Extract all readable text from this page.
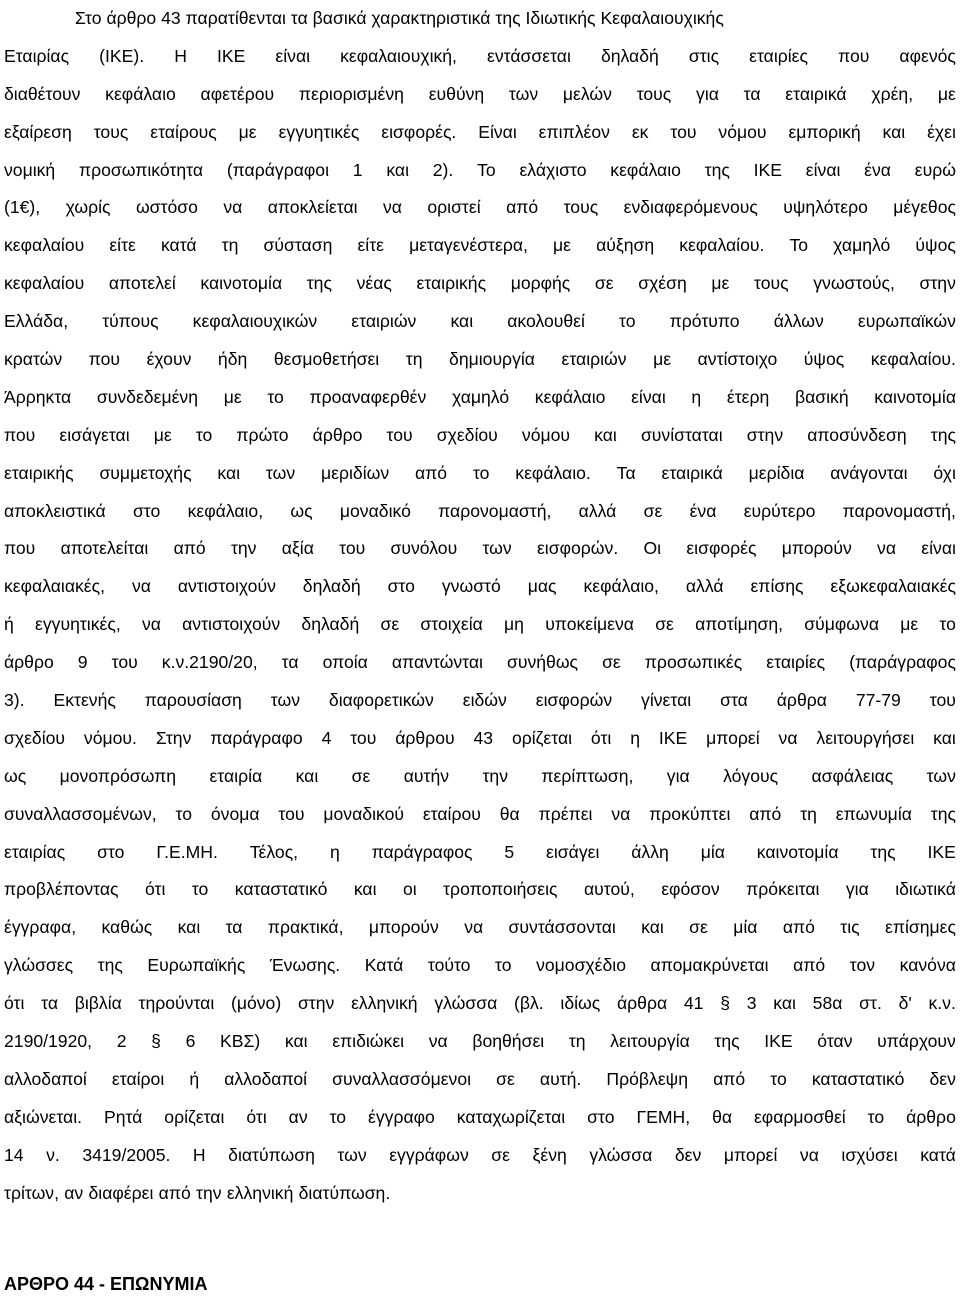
Στο άρθρο 43 παρατίθενται τα βασικά χαρακτηριστικά της Ιδιωτικής Κεφαλαιουχικής
Εταιρίας (ΙΚΕ). Η ΙΚΕ είναι κεφαλαιουχική, εντάσσεται δηλαδή στις εταιρίες που αφενός
διαθέτουν κεφάλαιο αφετέρου περιορισμένη ευθύνη των μελών τους για τα εταιρικά χρέη, με
εξαίρεση τους εταίρους με εγγυητικές εισφορές. Είναι επιπλέον εκ του νόμου εμπορική και έχει
νομική προσωπικότητα (παράγραφοι 1 και 2). Το ελάχιστο κεφάλαιο της ΙΚΕ είναι ένα ευρώ
(1€), χωρίς ωστόσο να αποκλείεται να οριστεί από τους ενδιαφερόμενους υψηλότερο μέγεθος
κεφαλαίου είτε κατά τη σύσταση είτε μεταγενέστερα, με αύξηση κεφαλαίου. Το χαμηλό ύψος
κεφαλαίου αποτελεί καινοτομία της νέας εταιρικής μορφής σε σχέση με τους γνωστούς, στην
Ελλάδα, τύπους κεφαλαιουχικών εταιριών και ακολουθεί το πρότυπο άλλων ευρωπαϊκών
κρατών που έχουν ήδη θεσμοθετήσει τη δημιουργία εταιριών με αντίστοιχο ύψος κεφαλαίου.
Άρρηκτα συνδεδεμένη με το προαναφερθέν χαμηλό κεφάλαιο είναι η έτερη βασική καινοτομία
που εισάγεται με το πρώτο άρθρο του σχεδίου νόμου και συνίσταται στην αποσύνδεση της
εταιρικής συμμετοχής και των μεριδίων από το κεφάλαιο. Τα εταιρικά μερίδια ανάγονται όχι
αποκλειστικά στο κεφάλαιο, ως μοναδικό παρονομαστή, αλλά σε ένα ευρύτερο παρονομαστή,
που αποτελείται από την αξία του συνόλου των εισφορών. Οι εισφορές μπορούν να είναι
κεφαλαιακές, να αντιστοιχούν δηλαδή στο γνωστό μας κεφάλαιο, αλλά επίσης εξωκεφαλαιακές
ή εγγυητικές, να αντιστοιχούν δηλαδή σε στοιχεία μη υποκείμενα σε αποτίμηση, σύμφωνα με το
άρθρο 9 του κ.ν.2190/20, τα οποία απαντώνται συνήθως σε προσωπικές εταιρίες (παράγραφος
3). Εκτενής παρουσίαση των διαφορετικών ειδών εισφορών γίνεται στα άρθρα 77-79 του
σχεδίου νόμου. Στην παράγραφο 4 του άρθρου 43 ορίζεται ότι η ΙΚΕ μπορεί να λειτουργήσει και
ως μονοπρόσωπη εταιρία και σε αυτήν την περίπτωση, για λόγους ασφάλειας των
συναλλασσομένων, το όνομα του μοναδικού εταίρου θα πρέπει να προκύπτει από τη επωνυμία της
εταιρίας στο Γ.Ε.ΜΗ. Τέλος, η παράγραφος 5 εισάγει άλλη μία καινοτομία της ΙΚΕ
προβλέποντας ότι το καταστατικό και οι τροποποιήσεις αυτού, εφόσον πρόκειται για ιδιωτικά
έγγραφα, καθώς και τα πρακτικά, μπορούν να συντάσσονται και σε μία από τις επίσημες
γλώσσες της Ευρωπαϊκής Ένωσης. Κατά τούτο το νομοσχέδιο απομακρύνεται από τον κανόνα
ότι τα βιβλία τηρούνται (μόνο) στην ελληνική γλώσσα (βλ. ιδίως άρθρα 41 § 3 και 58α στ. δ' κ.ν.
2190/1920, 2 § 6 ΚΒΣ) και επιδιώκει να βοηθήσει τη λειτουργία της ΙΚΕ όταν υπάρχουν
αλλοδαποί εταίροι ή αλλοδαποί συναλλασσόμενοι σε αυτή. Πρόβλεψη από το καταστατικό δεν
αξιώνεται. Ρητά ορίζεται ότι αν το έγγραφο καταχωρίζεται στο ΓΕΜΗ, θα εφαρμοσθεί το άρθρο
14 ν. 3419/2005. Η διατύπωση των εγγράφων σε ξένη γλώσσα δεν μπορεί να ισχύσει κατά
τρίτων, αν διαφέρει από την ελληνική διατύπωση.
ΑΡΘΡΟ 44 - ΕΠΩΝΥΜΙΑ
